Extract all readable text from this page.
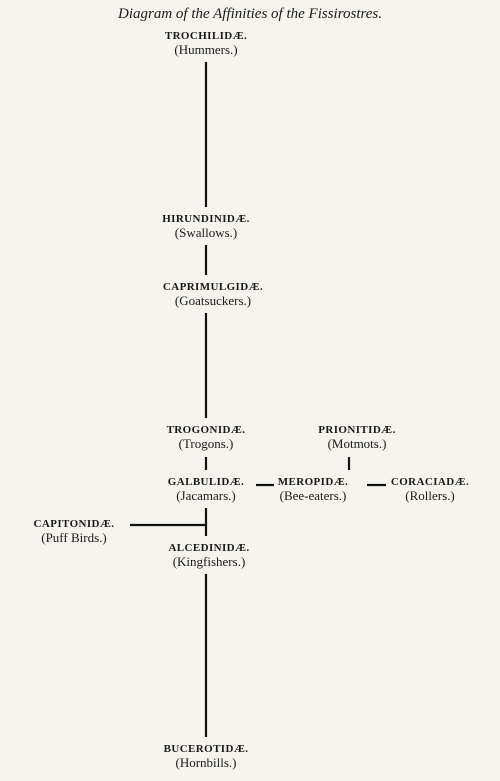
Diagram of the Affinities of the Fissirostres.
TROCHILIDÆ.
(Hummers.)
HIRUNDINIDÆ.
(Swallows.)
CAPRIMULGIDÆ.
(Goatsuckers.)
TROGONIDÆ.
(Trogons.)
PRIONITIDÆ.
(Motmots.)
GALBULIDÆ.
(Jacamars.)
MEROPIDÆ.
(Bee-eaters.)
CORACIADÆ.
(Rollers.)
CAPITONIDÆ.
(Puff Birds.)
ALCEDINIDÆ.
(Kingfishers.)
BUCEROTIDÆ.
(Hornbills.)
